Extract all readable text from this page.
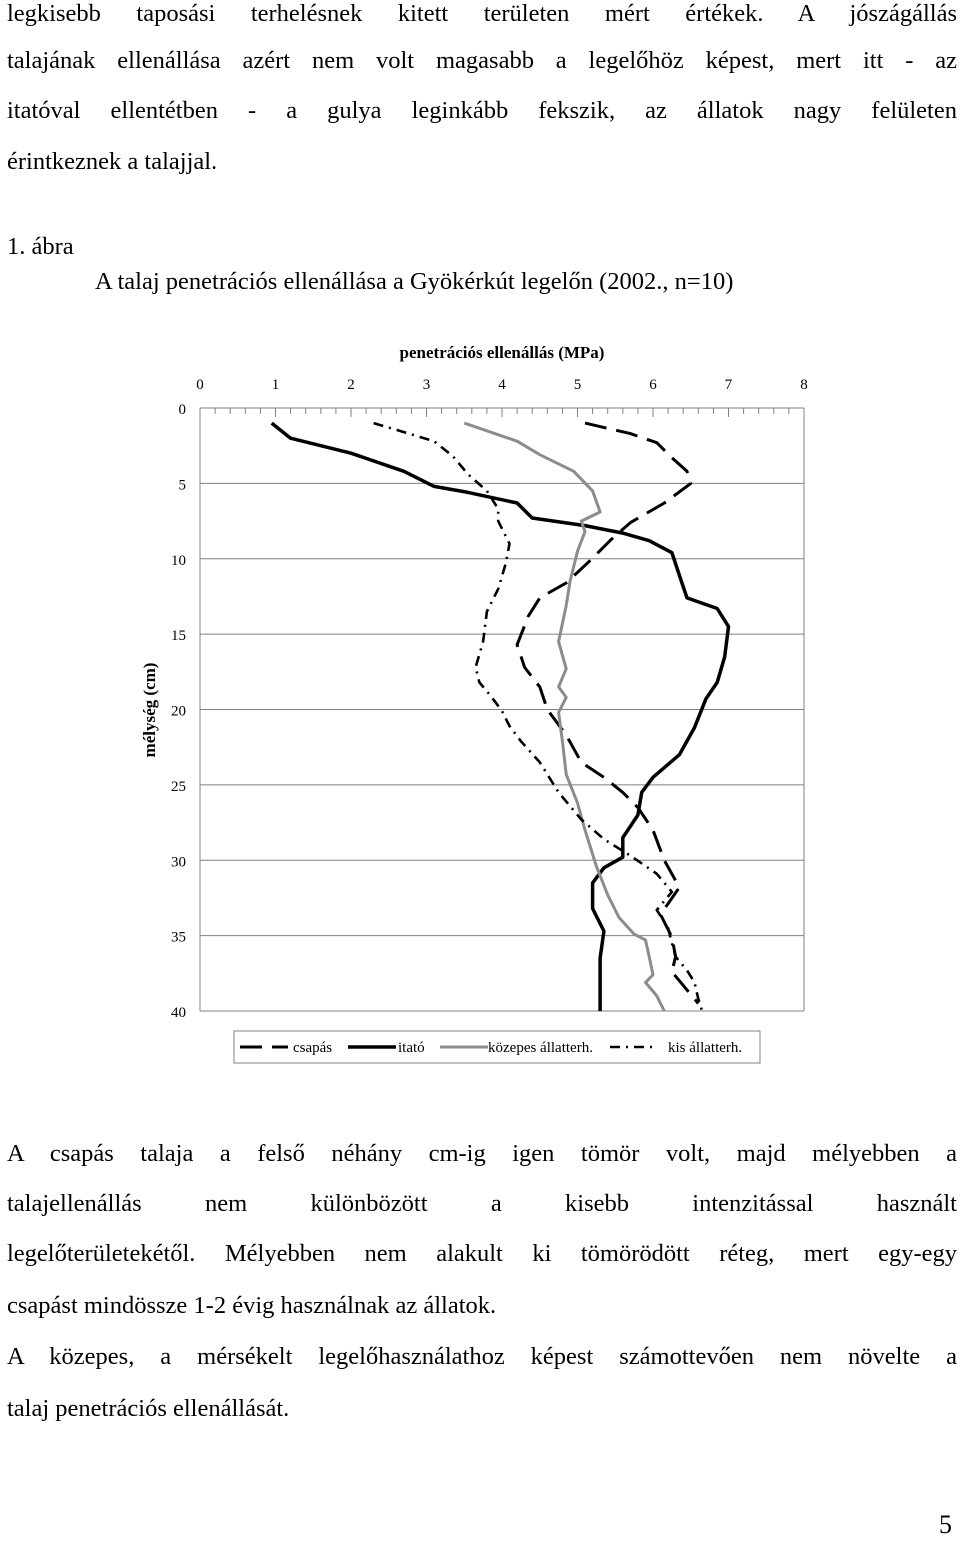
legkisebb taposási terhelésnek kitett területen mért értékek. A jószágállás
talajának ellenállása azért nem volt magasabb a legelőhöz képest, mert itt - az
itatóval ellentétben - a gulya leginkább fekszik, az állatok nagy felületen
érintkeznek a talajjal.
1. ábra
A talaj penetrációs ellenállása a Gyökérkút legelőn (2002., n=10)
penetrációs ellenállás (MPa)
mélység (cm)
0	1	2	3	4	5	6	7	8
0
5
10
15
20
25
30
35
40
csapás	itató	közepes állatterh.	kis állatterh.
A csapás talaja a felső néhány cm-ig igen tömör volt, majd mélyebben a
talajellenállás nem különbözött a kisebb intenzitással használt
legelőterületekétől. Mélyebben nem alakult ki tömörödött réteg, mert egy-egy
csapást mindössze 1-2 évig használnak az állatok.
A közepes, a mérsékelt legelőhasználathoz képest számottevően nem növelte a
talaj penetrációs ellenállását.
5
